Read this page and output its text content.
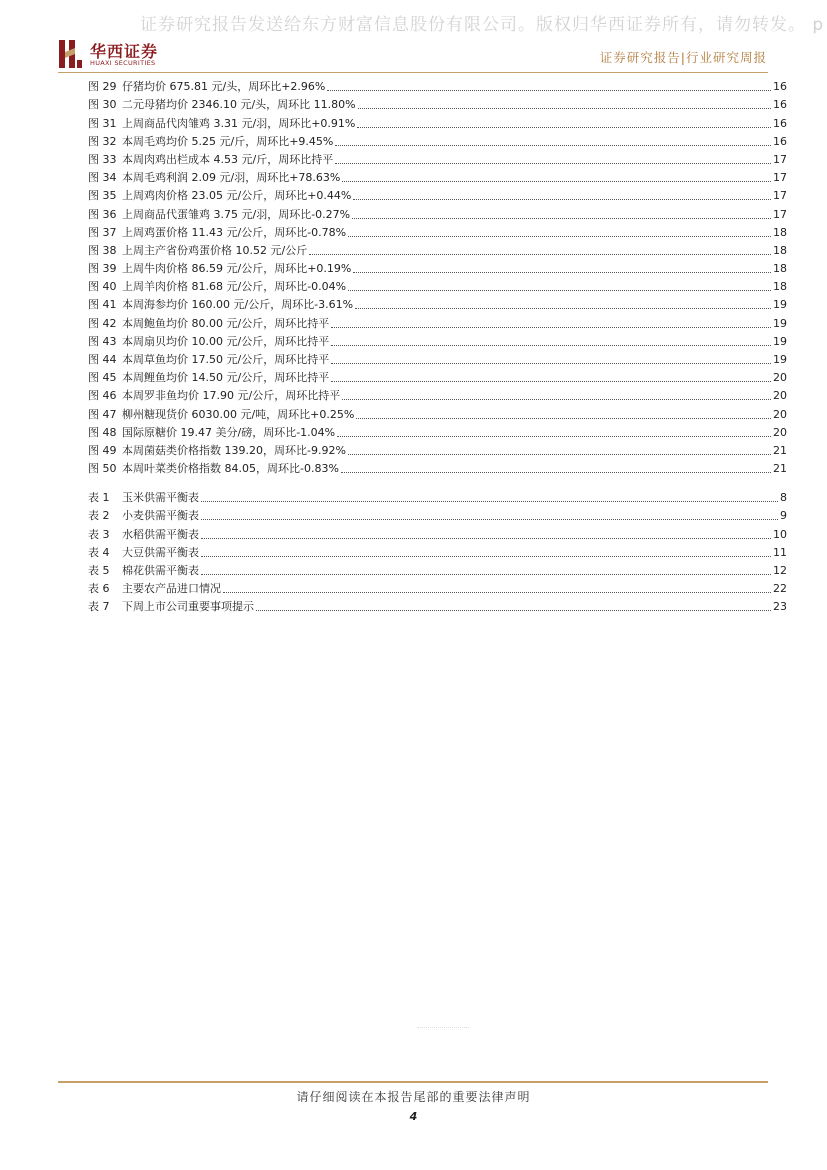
证券研究报告发送给东方财富信息股份有限公司。版权归华西证券所有，请勿转发。 p
华西证券
HUAXI SECURITIES	证券研究报告|行业研究周报
图 29 仔猪均价 675.81 元/头，周环比+2.96%	16
图 30 二元母猪均价 2346.10 元/头，周环比 11.80%	16
图 31 上周商品代肉雏鸡 3.31 元/羽，周环比+0.91%	16
图 32 本周毛鸡均价 5.25 元/斤，周环比+9.45%	16
图 33 本周肉鸡出栏成本 4.53 元/斤，周环比持平	17
图 34 本周毛鸡利润 2.09 元/羽，周环比+78.63%	17
图 35 上周鸡肉价格 23.05 元/公斤，周环比+0.44%	17
图 36 上周商品代蛋雏鸡 3.75 元/羽，周环比-0.27%	17
图 37 上周鸡蛋价格 11.43 元/公斤，周环比-0.78%	18
图 38 上周主产省份鸡蛋价格 10.52 元/公斤	18
图 39 上周牛肉价格 86.59 元/公斤，周环比+0.19%	18
图 40 上周羊肉价格 81.68 元/公斤，周环比-0.04%	18
图 41 本周海参均价 160.00 元/公斤，周环比-3.61%	19
图 42 本周鲍鱼均价 80.00 元/公斤，周环比持平	19
图 43 本周扇贝均价 10.00 元/公斤，周环比持平	19
图 44 本周草鱼均价 17.50 元/公斤，周环比持平	19
图 45 本周鲤鱼均价 14.50 元/公斤，周环比持平	20
图 46 本周罗非鱼均价 17.90 元/公斤，周环比持平	20
图 47 柳州糖现货价 6030.00 元/吨，周环比+0.25%	20
图 48 国际原糖价 19.47 美分/磅，周环比-1.04%	20
图 49 本周菌菇类价格指数 139.20，周环比-9.92%	21
图 50 本周叶菜类价格指数 84.05，周环比-0.83%	21
表 1 玉米供需平衡表	8
表 2 小麦供需平衡表	9
表 3 水稻供需平衡表	10
表 4 大豆供需平衡表	11
表 5 棉花供需平衡表	12
表 6 主要农产品进口情况	22
表 7 下周上市公司重要事项提示	23
请仔细阅读在本报告尾部的重要法律声明
4
